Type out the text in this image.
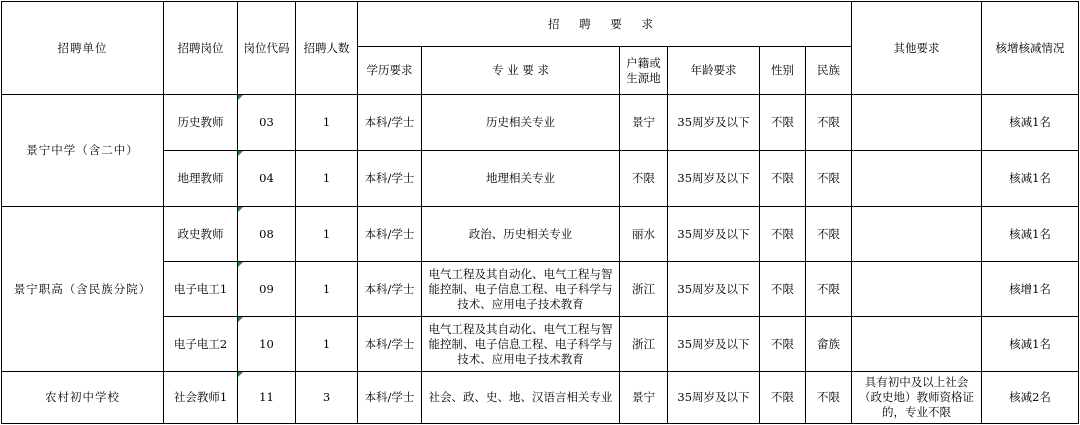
招聘单位	招聘岗位	岗位代码	招聘人数	招 聘 要 求						其他要求	核增核减情况
				学历要求	专 业 要 求	户籍或生源地	年龄要求	性别	民族		
景宁中学（含二中）	历史教师	03	1	本科/学士	历史相关专业	景宁	35周岁及以下	不限	不限		核减1名
	地理教师	04	1	本科/学士	地理相关专业	不限	35周岁及以下	不限	不限		核减1名
景宁职高（含民族分院）	政史教师	08	1	本科/学士	政治、历史相关专业	丽水	35周岁及以下	不限	不限		核减1名
	电子电工1	09	1	本科/学士	电气工程及其自动化、电气工程与智能控制、电子信息工程、电子科学与技术、应用电子技术教育	浙江	35周岁及以下	不限	不限		核增1名
	电子电工2	10	1	本科/学士	电气工程及其自动化、电气工程与智能控制、电子信息工程、电子科学与技术、应用电子技术教育	浙江	35周岁及以下	不限	畲族		核减1名
农村初中学校	社会教师1	11	3	本科/学士	社会、政、史、地、汉语言相关专业	景宁	35周岁及以下	不限	不限	具有初中及以上社会（政史地）教师资格证的，专业不限	核减2名
